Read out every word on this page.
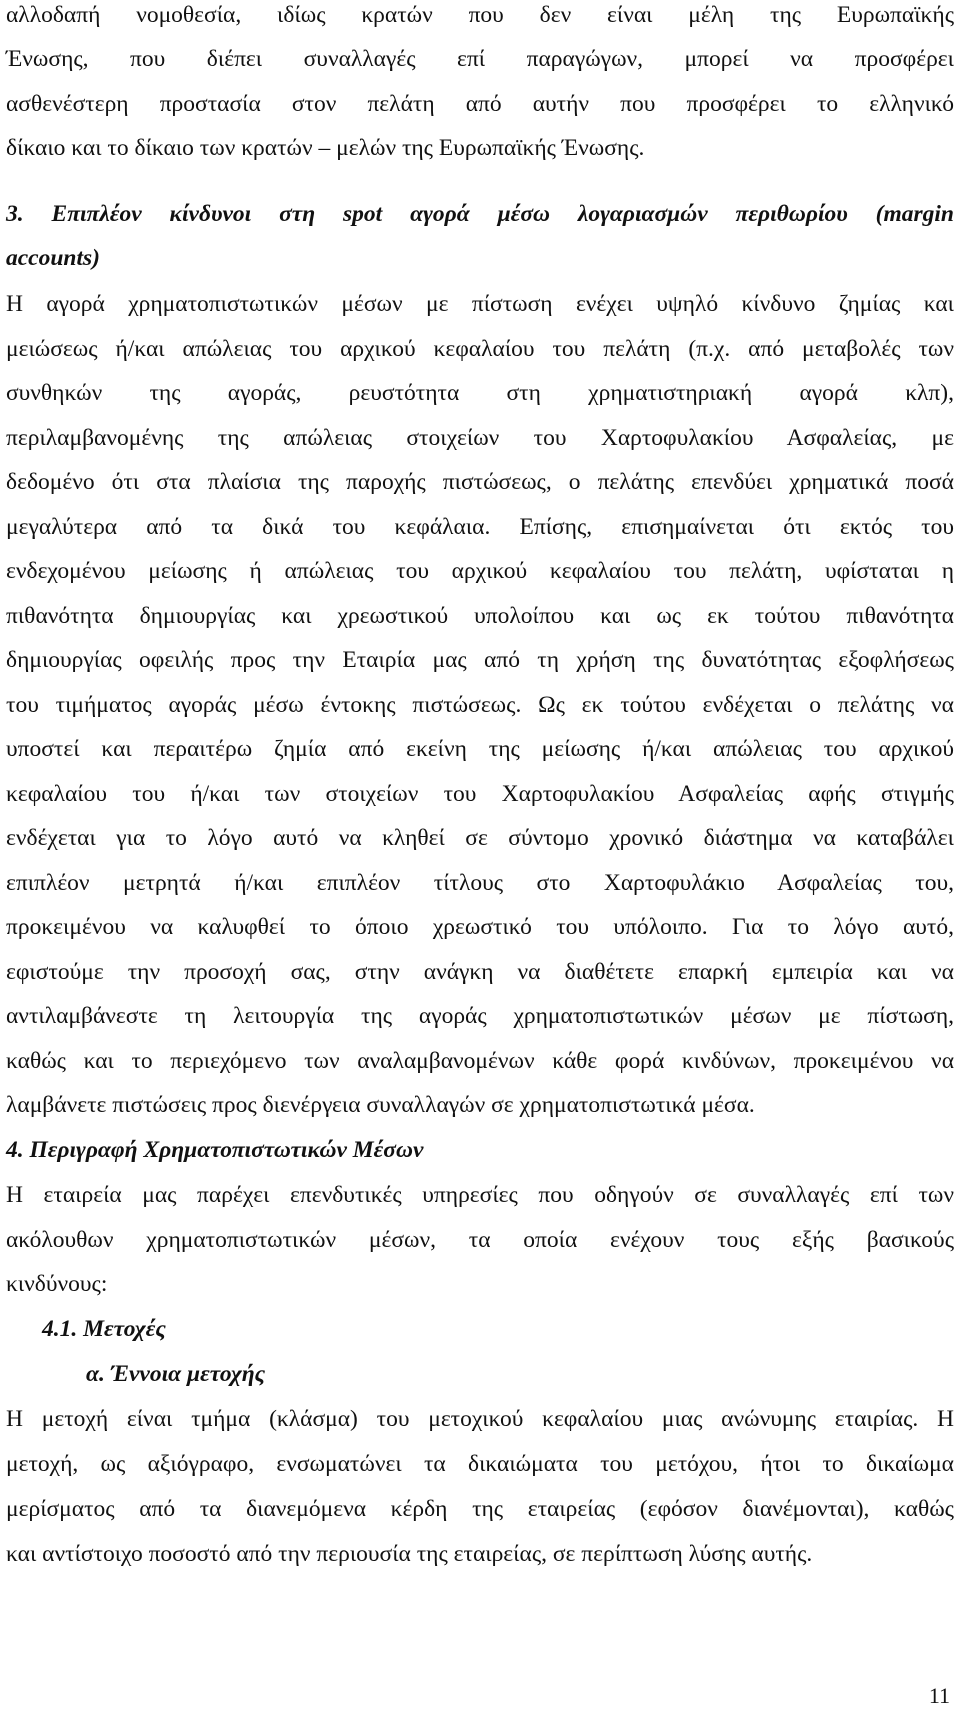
αλλοδαπή νομοθεσία, ιδίως κρατών που δεν είναι μέλη της Ευρωπαϊκής
Ένωσης, που διέπει συναλλαγές επί παραγώγων, μπορεί να προσφέρει
ασθενέστερη προστασία στον πελάτη από αυτήν που προσφέρει το ελληνικό
δίκαιο και το δίκαιο των κρατών – μελών της Ευρωπαϊκής Ένωσης.
3. Επιπλέον κίνδυνοι στη spot αγορά μέσω λογαριασμών περιθωρίου (margin
accounts)
Η αγορά χρηματοπιστωτικών μέσων με πίστωση ενέχει υψηλό κίνδυνο ζημίας και
μειώσεως ή/και απώλειας του αρχικού κεφαλαίου του πελάτη (π.χ. από μεταβολές των
συνθηκών της αγοράς, ρευστότητα στη χρηματιστηριακή αγορά κλπ),
περιλαμβανομένης της απώλειας στοιχείων του Χαρτοφυλακίου Ασφαλείας, με
δεδομένο ότι στα πλαίσια της παροχής πιστώσεως, ο πελάτης επενδύει χρηματικά ποσά
μεγαλύτερα από τα δικά του κεφάλαια. Επίσης, επισημαίνεται ότι εκτός του
ενδεχομένου μείωσης ή απώλειας του αρχικού κεφαλαίου του πελάτη, υφίσταται η
πιθανότητα δημιουργίας και χρεωστικού υπολοίπου και ως εκ τούτου πιθανότητα
δημιουργίας οφειλής προς την Εταιρία μας από τη χρήση της δυνατότητας εξοφλήσεως
του τιμήματος αγοράς μέσω έντοκης πιστώσεως. Ως εκ τούτου ενδέχεται ο πελάτης να
υποστεί και περαιτέρω ζημία από εκείνη της μείωσης ή/και απώλειας του αρχικού
κεφαλαίου του ή/και των στοιχείων του Χαρτοφυλακίου Ασφαλείας αφής στιγμής
ενδέχεται για το λόγο αυτό να κληθεί σε σύντομο χρονικό διάστημα να καταβάλει
επιπλέον μετρητά ή/και επιπλέον τίτλους στο Χαρτοφυλάκιο Ασφαλείας του,
προκειμένου να καλυφθεί το όποιο χρεωστικό του υπόλοιπο. Για το λόγο αυτό,
εφιστούμε την προσοχή σας, στην ανάγκη να διαθέτετε επαρκή εμπειρία και να
αντιλαμβάνεστε τη λειτουργία της αγοράς χρηματοπιστωτικών μέσων με πίστωση,
καθώς και το περιεχόμενο των αναλαμβανομένων κάθε φορά κινδύνων, προκειμένου να
λαμβάνετε πιστώσεις προς διενέργεια συναλλαγών σε χρηματοπιστωτικά μέσα.
4. Περιγραφή Χρηματοπιστωτικών Μέσων
Η εταιρεία μας παρέχει επενδυτικές υπηρεσίες που οδηγούν σε συναλλαγές επί των
ακόλουθων χρηματοπιστωτικών μέσων, τα οποία ενέχουν τους εξής βασικούς
κινδύνους:
4.1. Μετοχές
α. Έννοια μετοχής
Η μετοχή είναι τμήμα (κλάσμα) του μετοχικού κεφαλαίου μιας ανώνυμης εταιρίας. Η
μετοχή, ως αξιόγραφο, ενσωματώνει τα δικαιώματα του μετόχου, ήτοι το δικαίωμα
μερίσματος από τα διανεμόμενα κέρδη της εταιρείας (εφόσον διανέμονται), καθώς
και αντίστοιχο ποσοστό από την περιουσία της εταιρείας, σε περίπτωση λύσης αυτής.
11
